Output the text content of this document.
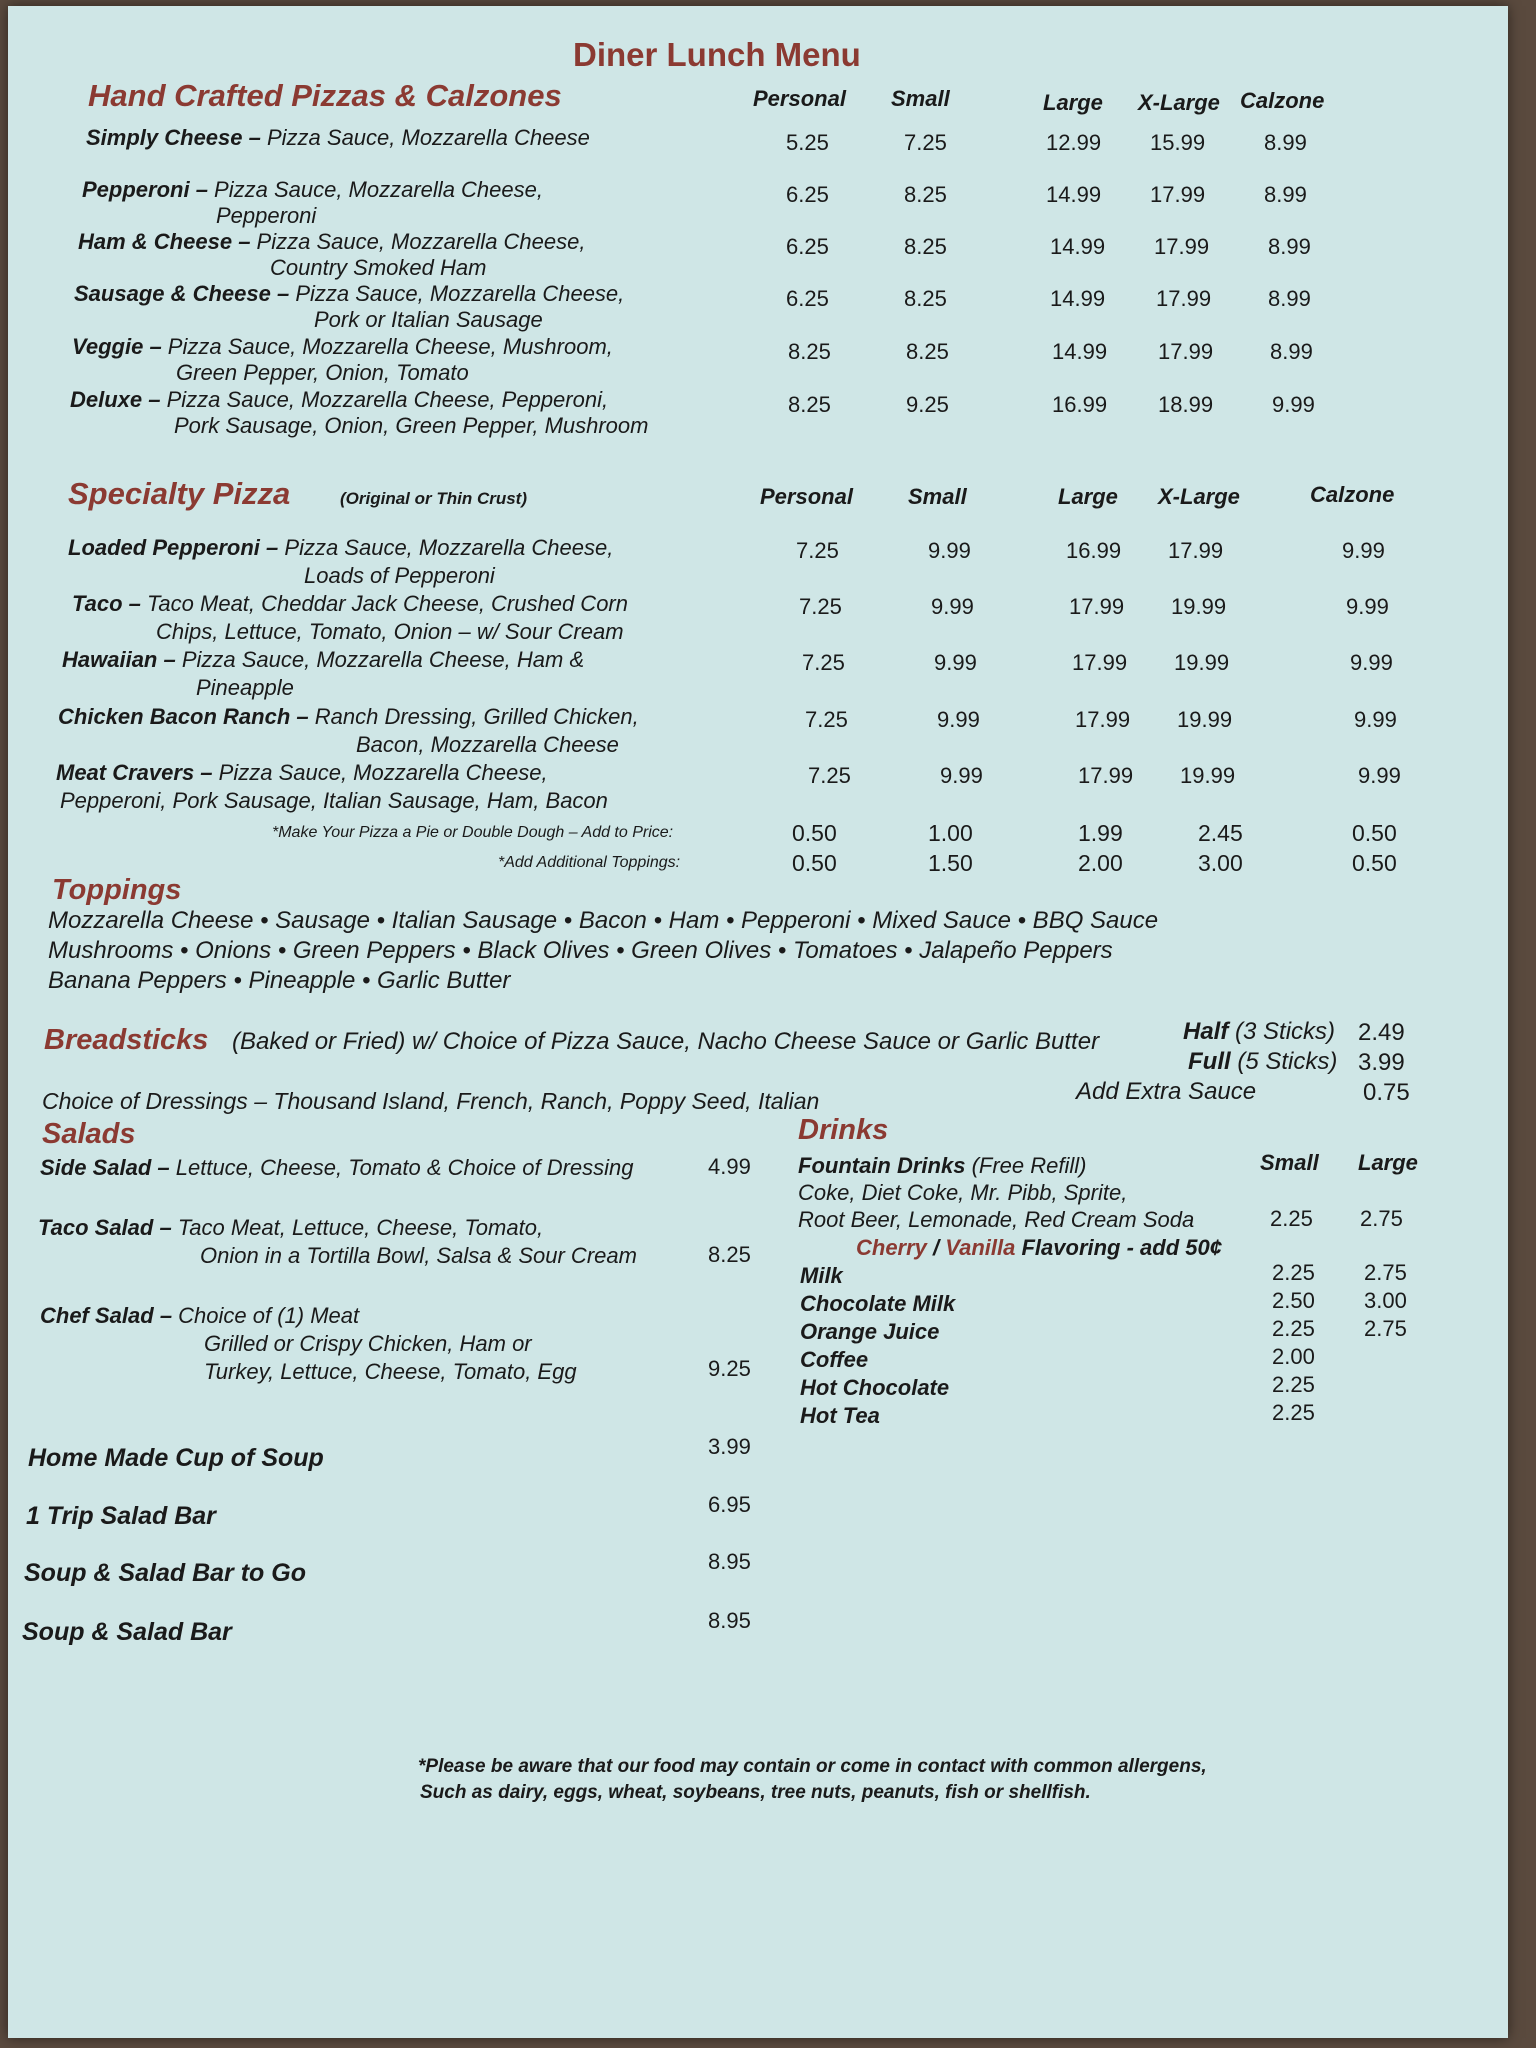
Diner Lunch Menu
Hand Crafted Pizzas & Calzones	Personal Small	Large X-Large Calzone
Simply Cheese – Pizza Sauce, Mozzarella Cheese	5.25	7.25	12.99 15.99	8.99
Pepperoni – Pizza Sauce, Mozzarella Cheese,
Pepperoni
6.25	8.25	14.99 17.99	8.99
Ham & Cheese – Pizza Sauce, Mozzarella Cheese,
Country Smoked Ham
6.25	8.25	14.99 17.99	8.99
Sausage & Cheese – Pizza Sauce, Mozzarella Cheese,
Pork or Italian Sausage
6.25	8.25	14.99 17.99	8.99
Veggie – Pizza Sauce, Mozzarella Cheese, Mushroom,
Green Pepper, Onion, Tomato
8.25	8.25	14.99 17.99	8.99
Deluxe – Pizza Sauce, Mozzarella Cheese, Pepperoni,
Pork Sausage, Onion, Green Pepper, Mushroom
8.25	9.25	16.99 18.99	9.99
Specialty Pizza	(Original or Thin Crust)	Personal	Small	Large X-Large	Calzone
Loaded Pepperoni – Pizza Sauce, Mozzarella Cheese,
Loads of Pepperoni
7.25	9.99	16.99 17.99	9.99
Taco – Taco Meat, Cheddar Jack Cheese, Crushed Corn
Chips, Lettuce, Tomato, Onion – w/ Sour Cream
7.25	9.99	17.99 19.99	9.99
Hawaiian – Pizza Sauce, Mozzarella Cheese, Ham &
Pineapple
7.25	9.99	17.99 19.99	9.99
Chicken Bacon Ranch – Ranch Dressing, Grilled Chicken,
Bacon, Mozzarella Cheese
7.25	9.99	17.99 19.99	9.99
Meat Cravers – Pizza Sauce, Mozzarella Cheese,
Pepperoni, Pork Sausage, Italian Sausage, Ham, Bacon
7.25	9.99	17.99 19.99	9.99
*Make Your Pizza a Pie or Double Dough – Add to Price:	0.50	1.00	1.99	2.45	0.50
*Add Additional Toppings:	0.50	1.50	2.00	3.00	0.50
Toppings
Mozzarella Cheese • Sausage • Italian Sausage • Bacon • Ham • Pepperoni • Mixed Sauce • BBQ Sauce
Mushrooms • Onions • Green Peppers • Black Olives • Green Olives • Tomatoes • Jalapeño Peppers
Banana Peppers • Pineapple • Garlic Butter
Breadsticks (Baked or Fried) w/ Choice of Pizza Sauce, Nacho Cheese Sauce or Garlic Butter	Half (3 Sticks) 2.49
Full (5 Sticks) 3.99
Add Extra Sauce	0.75
Choice of Dressings – Thousand Island, French, Ranch, Poppy Seed, Italian
Salads
Side Salad – Lettuce, Cheese, Tomato & Choice of Dressing	4.99
Taco Salad – Taco Meat, Lettuce, Cheese, Tomato,
Onion in a Tortilla Bowl, Salsa & Sour Cream	8.25
Chef Salad – Choice of (1) Meat
Grilled or Crispy Chicken, Ham or
Turkey, Lettuce, Cheese, Tomato, Egg	9.25
Home Made Cup of Soup	3.99
1 Trip Salad Bar	6.95
Soup & Salad Bar to Go	8.95
Soup & Salad Bar	8.95
Drinks
Small Large
Fountain Drinks (Free Refill)
Coke, Diet Coke, Mr. Pibb, Sprite,
Root Beer, Lemonade, Red Cream Soda	2.25 2.75
Cherry / Vanilla Flavoring - add 50¢
Milk	2.25 2.75
Chocolate Milk	2.50 3.00
Orange Juice	2.25 2.75
Coffee	2.00
Hot Chocolate	2.25
Hot Tea	2.25
*Please be aware that our food may contain or come in contact with common allergens,
Such as dairy, eggs, wheat, soybeans, tree nuts, peanuts, fish or shellfish.
